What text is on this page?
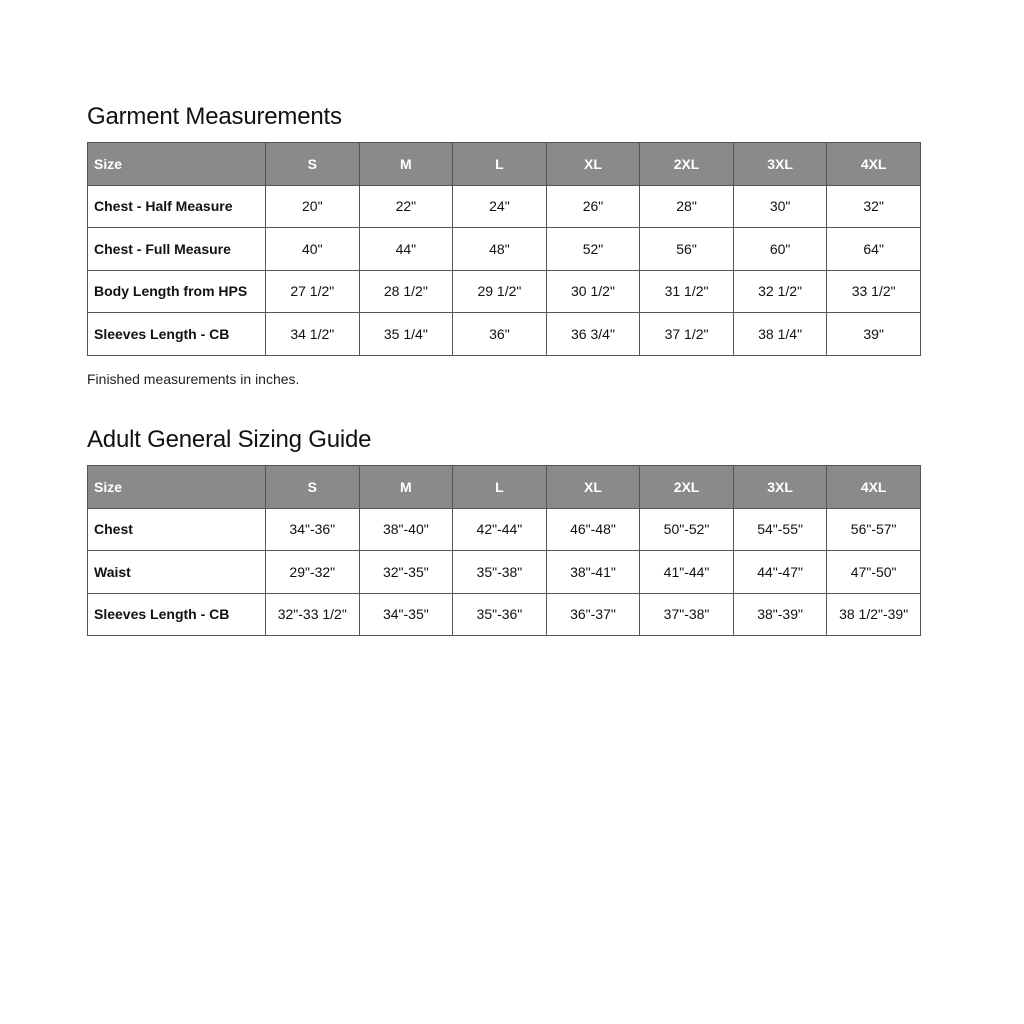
Garment Measurements
Size	S	M	L	XL	2XL	3XL	4XL
Chest - Half Measure	20"	22"	24"	26"	28"	30"	32"
Chest - Full Measure	40"	44"	48"	52"	56"	60"	64"
Body Length from HPS	27 1/2"	28 1/2"	29 1/2"	30 1/2"	31 1/2"	32 1/2"	33 1/2"
Sleeves Length - CB	34 1/2"	35 1/4"	36"	36 3/4"	37 1/2"	38 1/4"	39"

Finished measurements in inches.

Adult General Sizing Guide
Size	S	M	L	XL	2XL	3XL	4XL
Chest	34"-36"	38"-40"	42"-44"	46"-48"	50"-52"	54"-55"	56"-57"
Waist	29"-32"	32"-35"	35"-38"	38"-41"	41"-44"	44"-47"	47"-50"
Sleeves Length - CB	32"-33 1/2"	34"-35"	35"-36"	36"-37"	37"-38"	38"-39"	38 1/2"-39"
